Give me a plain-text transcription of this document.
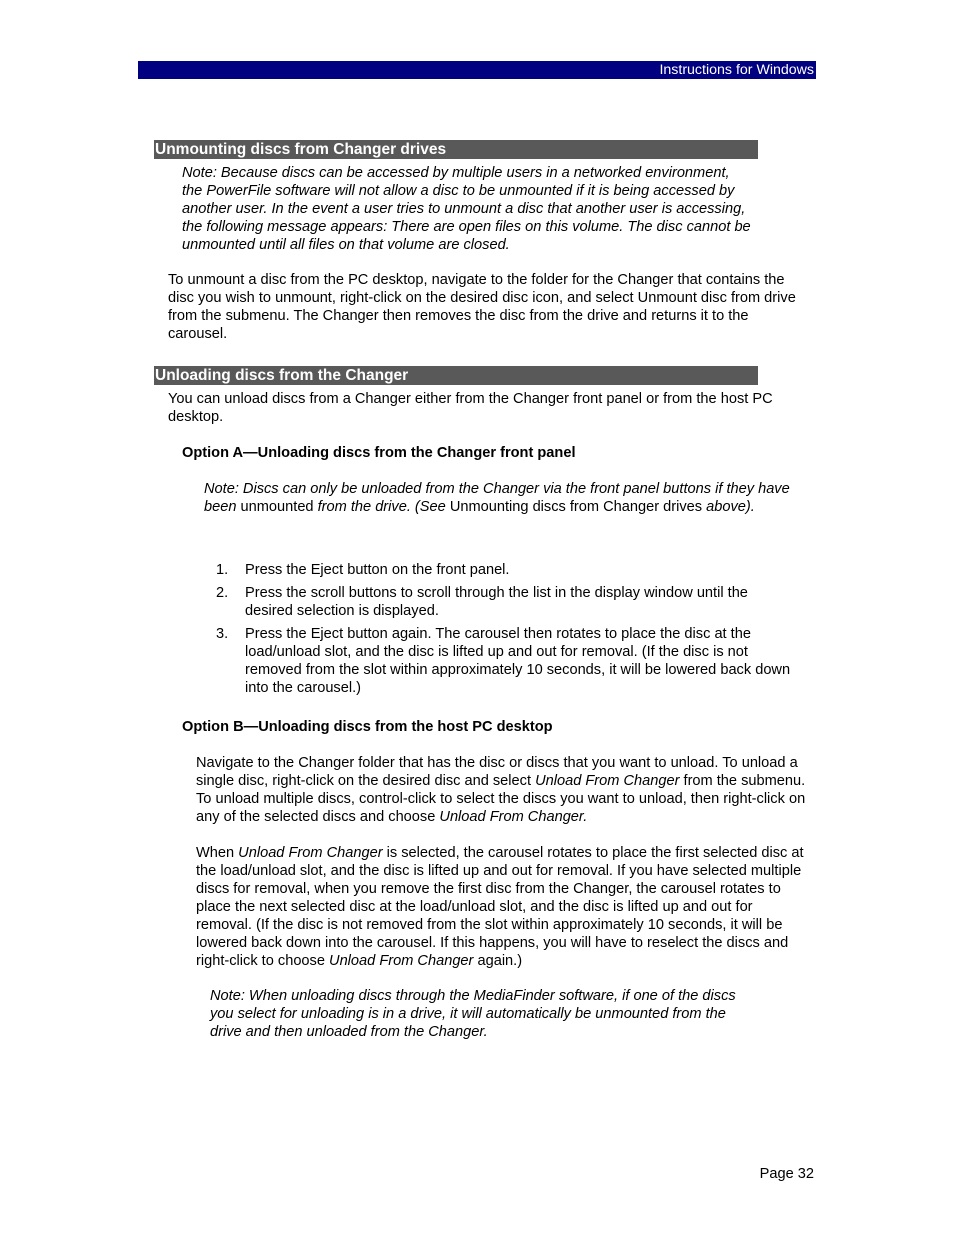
Instructions for Windows
Unmounting discs from Changer drives

Note: Because discs can be accessed by multiple users in a networked environment, the PowerFile software will not allow a disc to be unmounted if it is being accessed by another user. In the event a user tries to unmount a disc that another user is accessing, the following message appears: There are open files on this volume. The disc cannot be unmounted until all files on that volume are closed.

To unmount a disc from the PC desktop, navigate to the folder for the Changer that contains the disc you wish to unmount, right-click on the desired disc icon, and select Unmount disc from drive from the submenu. The Changer then removes the disc from the drive and returns it to the carousel.

Unloading discs from the Changer

You can unload discs from a Changer either from the Changer front panel or from the host PC desktop.

Option A—Unloading discs from the Changer front panel

Note: Discs can only be unloaded from the Changer via the front panel buttons if they have been unmounted from the drive. (See Unmounting discs from Changer drives above).

1. Press the Eject button on the front panel.
2. Press the scroll buttons to scroll through the list in the display window until the desired selection is displayed.
3. Press the Eject button again. The carousel then rotates to place the disc at the load/unload slot, and the disc is lifted up and out for removal. (If the disc is not removed from the slot within approximately 10 seconds, it will be lowered back down into the carousel.)

Option B—Unloading discs from the host PC desktop

Navigate to the Changer folder that has the disc or discs that you want to unload. To unload a single disc, right-click on the desired disc and select Unload From Changer from the submenu. To unload multiple discs, control-click to select the discs you want to unload, then right-click on any of the selected discs and choose Unload From Changer.

When Unload From Changer is selected, the carousel rotates to place the first selected disc at the load/unload slot, and the disc is lifted up and out for removal. If you have selected multiple discs for removal, when you remove the first disc from the Changer, the carousel rotates to place the next selected disc at the load/unload slot, and the disc is lifted up and out for removal. (If the disc is not removed from the slot within approximately 10 seconds, it will be lowered back down into the carousel. If this happens, you will have to reselect the discs and right-click to choose Unload From Changer again.)

Note: When unloading discs through the MediaFinder software, if one of the discs you select for unloading is in a drive, it will automatically be unmounted from the drive and then unloaded from the Changer.

Page 32
